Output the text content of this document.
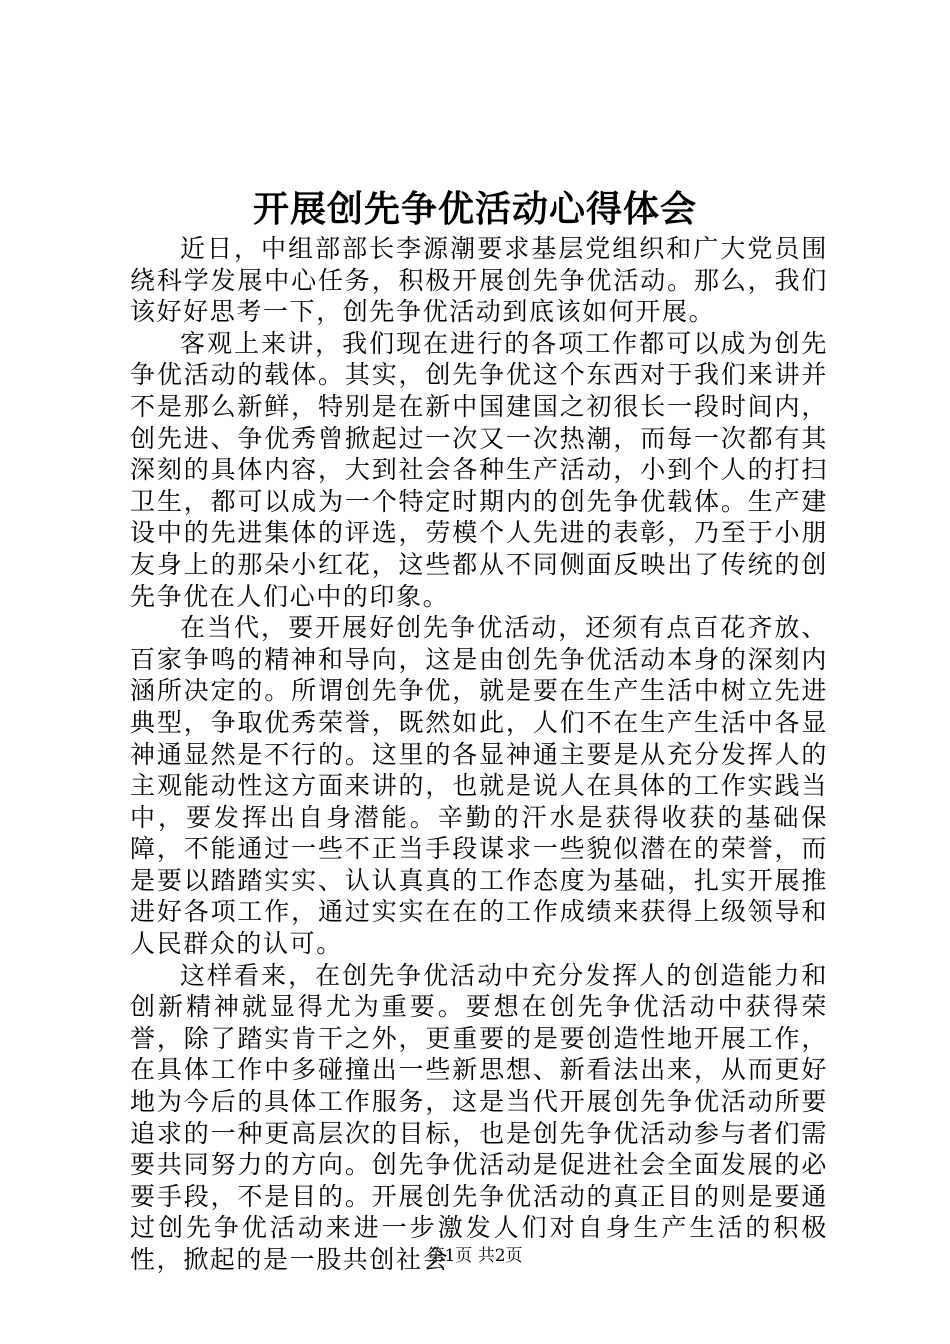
开展创先争优活动心得体会

近日，中组部部长李源潮要求基层党组织和广大党员围绕科学发展中心任务，积极开展创先争优活动。那么，我们该好好思考一下，创先争优活动到底该如何开展。

客观上来讲，我们现在进行的各项工作都可以成为创先争优活动的载体。其实，创先争优这个东西对于我们来讲并不是那么新鲜，特别是在新中国建国之初很长一段时间内，创先进、争优秀曾掀起过一次又一次热潮，而每一次都有其深刻的具体内容，大到社会各种生产活动，小到个人的打扫卫生，都可以成为一个特定时期内的创先争优载体。生产建设中的先进集体的评选，劳模个人先进的表彰，乃至于小朋友身上的那朵小红花，这些都从不同侧面反映出了传统的创先争优在人们心中的印象。

在当代，要开展好创先争优活动，还须有点百花齐放、百家争鸣的精神和导向，这是由创先争优活动本身的深刻内涵所决定的。所谓创先争优，就是要在生产生活中树立先进典型，争取优秀荣誉，既然如此，人们不在生产生活中各显神通显然是不行的。这里的各显神通主要是从充分发挥人的主观能动性这方面来讲的，也就是说人在具体的工作实践当中，要发挥出自身潜能。辛勤的汗水是获得收获的基础保障，不能通过一些不正当手段谋求一些貌似潜在的荣誉，而是要以踏踏实实、认认真真的工作态度为基础，扎实开展推进好各项工作，通过实实在在的工作成绩来获得上级领导和人民群众的认可。

这样看来，在创先争优活动中充分发挥人的创造能力和创新精神就显得尤为重要。要想在创先争优活动中获得荣誉，除了踏实肯干之外，更重要的是要创造性地开展工作，在具体工作中多碰撞出一些新思想、新看法出来，从而更好地为今后的具体工作服务，这是当代开展创先争优活动所要追求的一种更高层次的目标，也是创先争优活动参与者们需要共同努力的方向。创先争优活动是促进社会全面发展的必要手段，不是目的。开展创先争优活动的真正目的则是要通过创先争优活动来进一步激发人们对自身生产生活的积极性，掀起的是一股共创社会

第1页 共2页
